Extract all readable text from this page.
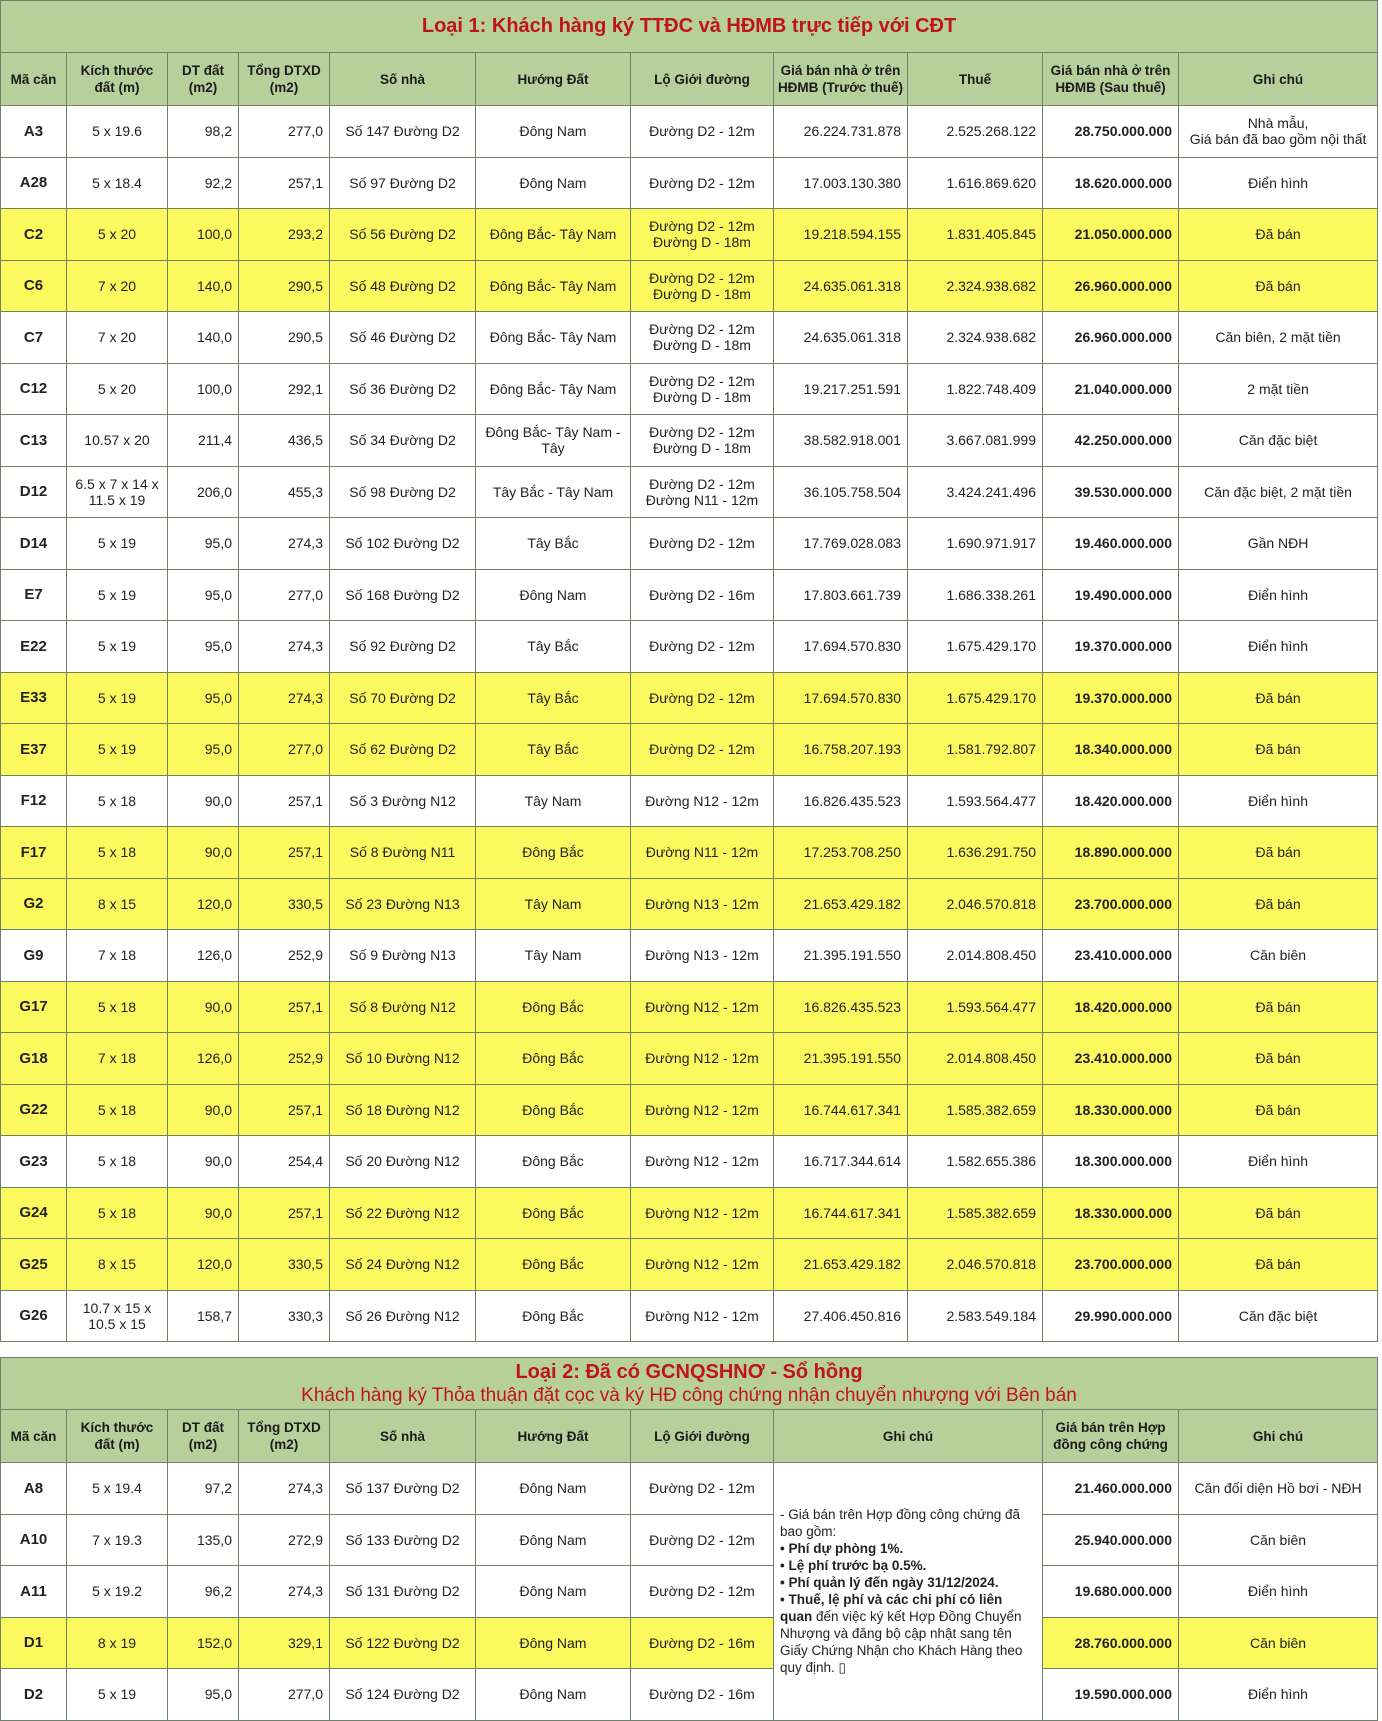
Loại 1: Khách hàng ký TTĐC và HĐMB trực tiếp với CĐT										
Mã căn	Kích thước đất (m)	DT đất (m2)	Tổng DTXD (m2)	Số nhà	Hướng Đất	Lộ Giới đường	Giá bán nhà ở trên HĐMB (Trước thuế)	Thuế	Giá bán nhà ở trên HĐMB (Sau thuế)	Ghi chú
A3	5 x 19.6	98,2	277,0	Số 147 Đường D2	Đông Nam	Đường D2 - 12m	26.224.731.878	2.525.268.122	28.750.000.000	Nhà mẫu,
Giá bán đã bao gồm nội thất
A28	5 x 18.4	92,2	257,1	Số 97 Đường D2	Đông Nam	Đường D2 - 12m	17.003.130.380	1.616.869.620	18.620.000.000	Điển hình
C2	5 x 20	100,0	293,2	Số 56 Đường D2	Đông Bắc- Tây Nam	Đường D2 - 12m
Đường D - 18m	19.218.594.155	1.831.405.845	21.050.000.000	Đã bán
C6	7 x 20	140,0	290,5	Số 48 Đường D2	Đông Bắc- Tây Nam	Đường D2 - 12m
Đường D - 18m	24.635.061.318	2.324.938.682	26.960.000.000	Đã bán
C7	7 x 20	140,0	290,5	Số 46 Đường D2	Đông Bắc- Tây Nam	Đường D2 - 12m
Đường D - 18m	24.635.061.318	2.324.938.682	26.960.000.000	Căn biên, 2 mặt tiền
C12	5 x 20	100,0	292,1	Số 36 Đường D2	Đông Bắc- Tây Nam	Đường D2 - 12m
Đường D - 18m	19.217.251.591	1.822.748.409	21.040.000.000	2 mặt tiền
C13	10.57 x 20	211,4	436,5	Số 34 Đường D2	Đông Bắc- Tây Nam -
Tây	Đường D2 - 12m
Đường D - 18m	38.582.918.001	3.667.081.999	42.250.000.000	Căn đặc biệt
D12	6.5 x 7 x 14 x
11.5 x 19	206,0	455,3	Số 98 Đường D2	Tây Bắc - Tây Nam	Đường D2 - 12m
Đường N11 - 12m	36.105.758.504	3.424.241.496	39.530.000.000	Căn đặc biệt, 2 mặt tiền
D14	5 x 19	95,0	274,3	Số 102 Đường D2	Tây Bắc	Đường D2 - 12m	17.769.028.083	1.690.971.917	19.460.000.000	Gần NĐH
E7	5 x 19	95,0	277,0	Số 168 Đường D2	Đông Nam	Đường D2 - 16m	17.803.661.739	1.686.338.261	19.490.000.000	Điển hình
E22	5 x 19	95,0	274,3	Số 92 Đường D2	Tây Bắc	Đường D2 - 12m	17.694.570.830	1.675.429.170	19.370.000.000	Điển hình
E33	5 x 19	95,0	274,3	Số 70 Đường D2	Tây Bắc	Đường D2 - 12m	17.694.570.830	1.675.429.170	19.370.000.000	Đã bán
E37	5 x 19	95,0	277,0	Số 62 Đường D2	Tây Bắc	Đường D2 - 12m	16.758.207.193	1.581.792.807	18.340.000.000	Đã bán
F12	5 x 18	90,0	257,1	Số 3 Đường N12	Tây Nam	Đường N12 - 12m	16.826.435.523	1.593.564.477	18.420.000.000	Điển hình
F17	5 x 18	90,0	257,1	Số 8 Đường N11	Đông Bắc	Đường N11 - 12m	17.253.708.250	1.636.291.750	18.890.000.000	Đã bán
G2	8 x 15	120,0	330,5	Số 23 Đường N13	Tây Nam	Đường N13 - 12m	21.653.429.182	2.046.570.818	23.700.000.000	Đã bán
G9	7 x 18	126,0	252,9	Số 9 Đường N13	Tây Nam	Đường N13 - 12m	21.395.191.550	2.014.808.450	23.410.000.000	Căn biên
G17	5 x 18	90,0	257,1	Số 8 Đường N12	Đông Bắc	Đường N12 - 12m	16.826.435.523	1.593.564.477	18.420.000.000	Đã bán
G18	7 x 18	126,0	252,9	Số 10 Đường N12	Đông Bắc	Đường N12 - 12m	21.395.191.550	2.014.808.450	23.410.000.000	Đã bán
G22	5 x 18	90,0	257,1	Số 18 Đường N12	Đông Bắc	Đường N12 - 12m	16.744.617.341	1.585.382.659	18.330.000.000	Đã bán
G23	5 x 18	90,0	254,4	Số 20 Đường N12	Đông Bắc	Đường N12 - 12m	16.717.344.614	1.582.655.386	18.300.000.000	Điển hình
G24	5 x 18	90,0	257,1	Số 22 Đường N12	Đông Bắc	Đường N12 - 12m	16.744.617.341	1.585.382.659	18.330.000.000	Đã bán
G25	8 x 15	120,0	330,5	Số 24 Đường N12	Đông Bắc	Đường N12 - 12m	21.653.429.182	2.046.570.818	23.700.000.000	Đã bán
G26	10.7 x 15 x
10.5 x 15	158,7	330,3	Số 26 Đường N12	Đông Bắc	Đường N12 - 12m	27.406.450.816	2.583.549.184	29.990.000.000	Căn đặc biệt
Loại 2: Đã có GCNQSHNƠ - Sổ hồng
Khách hàng ký Thỏa thuận đặt cọc và ký HĐ công chứng nhận chuyển nhượng với Bên bán									

Mã căn	Kích thước đất (m)	DT đất (m2)	Tổng DTXD (m2)	Số nhà	Hướng Đất	Lộ Giới đường	Ghi chú	Giá bán trên Hợp đồng công chứng	Ghi chú
A8	5 x 19.4	97,2	274,3	Số 137 Đường D2	Đông Nam	Đường D2 - 12m	- Giá bán trên Hợp đồng công chứng đã bao gồm:
• Phí dự phòng 1%.
• Lệ phí trước bạ 0.5%.
• Phí quản lý đến ngày 31/12/2024.
• Thuế, lệ phí và các chi phí có liên quan đến việc ký kết Hợp Đồng Chuyển Nhượng và đăng bộ cập nhật sang tên Giấy Chứng Nhận cho Khách Hàng theo quy định. ▯	21.460.000.000	Căn đối diện Hồ bơi - NĐH
A10	7 x 19.3	135,0	272,9	Số 133 Đường D2	Đông Nam	Đường D2 - 12m		25.940.000.000	Căn biên
A11	5 x 19.2	96,2	274,3	Số 131 Đường D2	Đông Nam	Đường D2 - 12m		19.680.000.000	Điển hình
D1	8 x 19	152,0	329,1	Số 122 Đường D2	Đông Nam	Đường D2 - 16m		28.760.000.000	Căn biên
D2	5 x 19	95,0	277,0	Số 124 Đường D2	Đông Nam	Đường D2 - 16m		19.590.000.000	Điển hình
